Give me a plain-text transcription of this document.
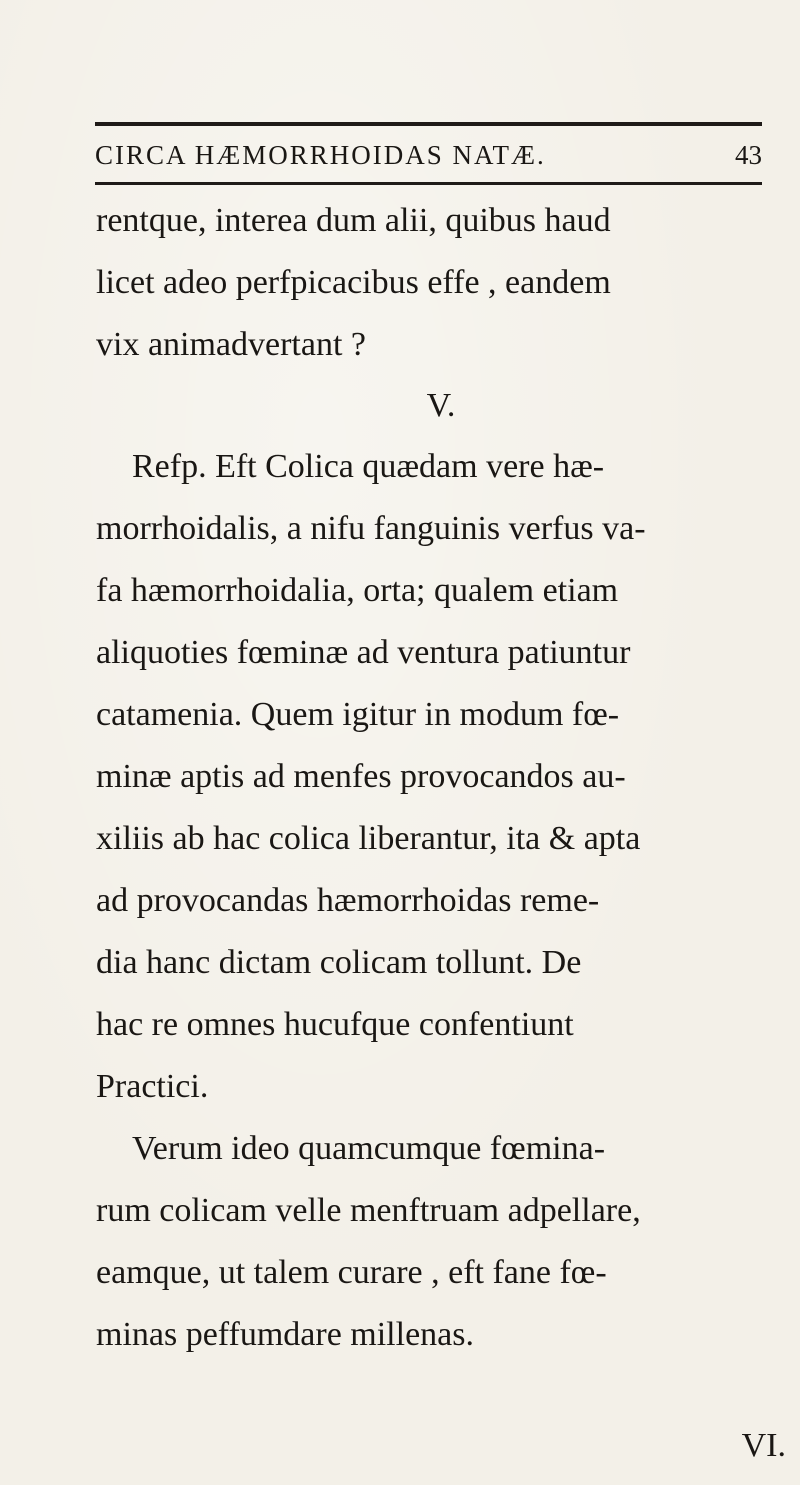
CIRCA HÆMORRHOIDAS NATÆ.	43
rentque, interea dum alii, quibus haud
licet adeo perfpicacibus effe , eandem
vix animadvertant ?
V.
Refp. Eft Colica quædam vere hæ-
morrhoidalis, a nifu fanguinis verfus va-
fa hæmorrhoidalia, orta; qualem etiam
aliquoties fœminæ ad ventura patiuntur
catamenia. Quem igitur in modum fœ-
minæ aptis ad menfes provocandos au-
xiliis ab hac colica liberantur, ita & apta
ad provocandas hæmorrhoidas reme-
dia hanc dictam colicam tollunt. De
hac re omnes hucufque confentiunt
Practici.
Verum ideo quamcumque fœmina-
rum colicam velle menftruam adpellare,
eamque, ut talem curare , eft fane fœ-
minas peffumdare millenas.
VI.
